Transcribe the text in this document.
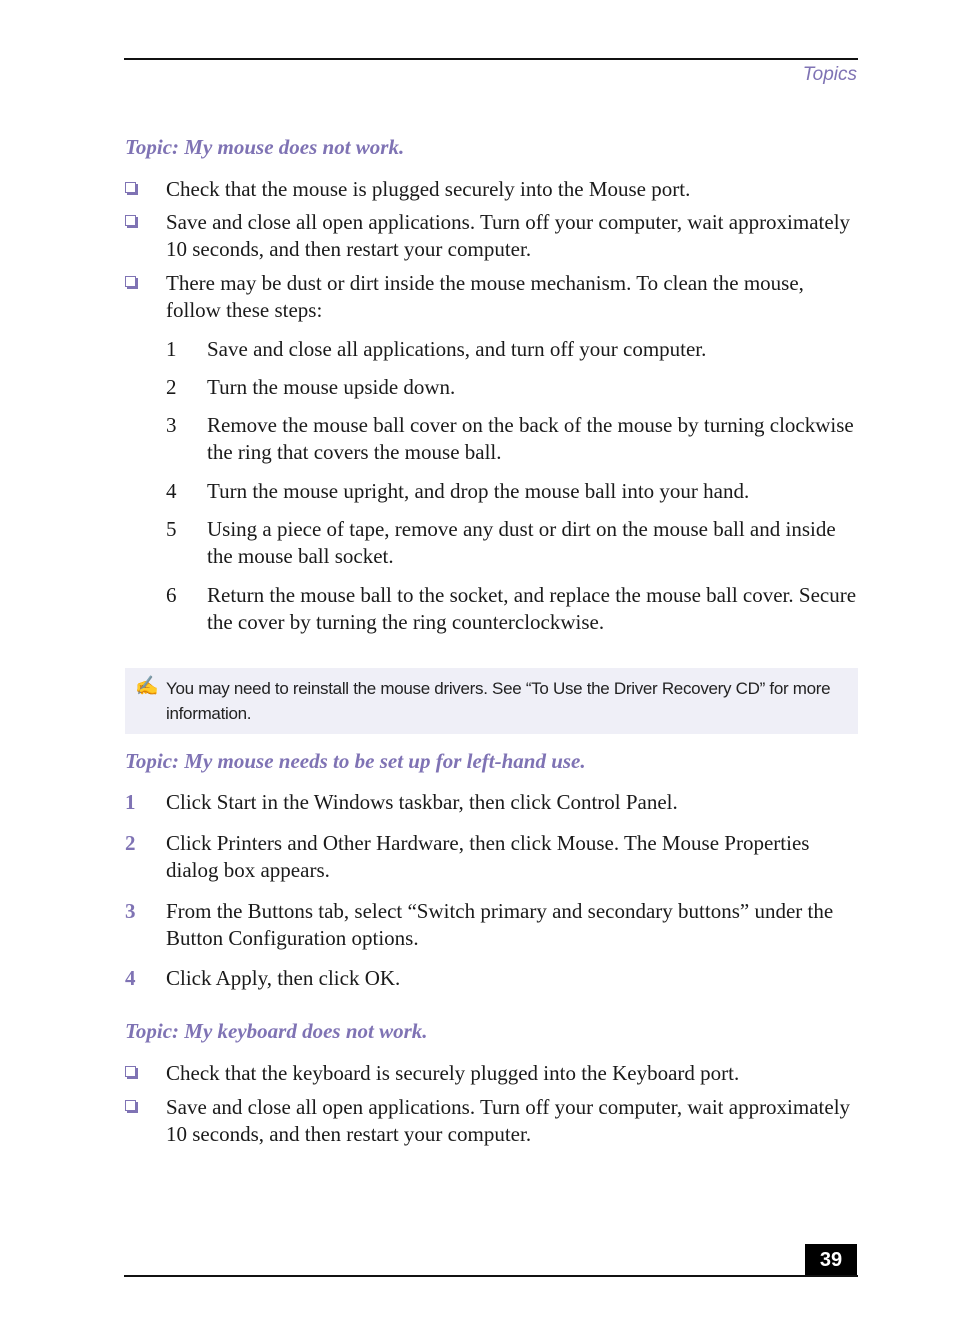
Topics
Topic: My mouse does not work.
Check that the mouse is plugged securely into the Mouse port.
Save and close all open applications. Turn off your computer, wait approximately 10 seconds, and then restart your computer.
There may be dust or dirt inside the mouse mechanism. To clean the mouse, follow these steps:
1 Save and close all applications, and turn off your computer.
2 Turn the mouse upside down.
3 Remove the mouse ball cover on the back of the mouse by turning clockwise the ring that covers the mouse ball.
4 Turn the mouse upright, and drop the mouse ball into your hand.
5 Using a piece of tape, remove any dust or dirt on the mouse ball and inside the mouse ball socket.
6 Return the mouse ball to the socket, and replace the mouse ball cover. Secure the cover by turning the ring counterclockwise.
✍ You may need to reinstall the mouse drivers. See “To Use the Driver Recovery CD” for more information.
Topic: My mouse needs to be set up for left-hand use.
1 Click Start in the Windows taskbar, then click Control Panel.
2 Click Printers and Other Hardware, then click Mouse. The Mouse Properties dialog box appears.
3 From the Buttons tab, select “Switch primary and secondary buttons” under the Button Configuration options.
4 Click Apply, then click OK.
Topic: My keyboard does not work.
Check that the keyboard is securely plugged into the Keyboard port.
Save and close all open applications. Turn off your computer, wait approximately 10 seconds, and then restart your computer.
39
